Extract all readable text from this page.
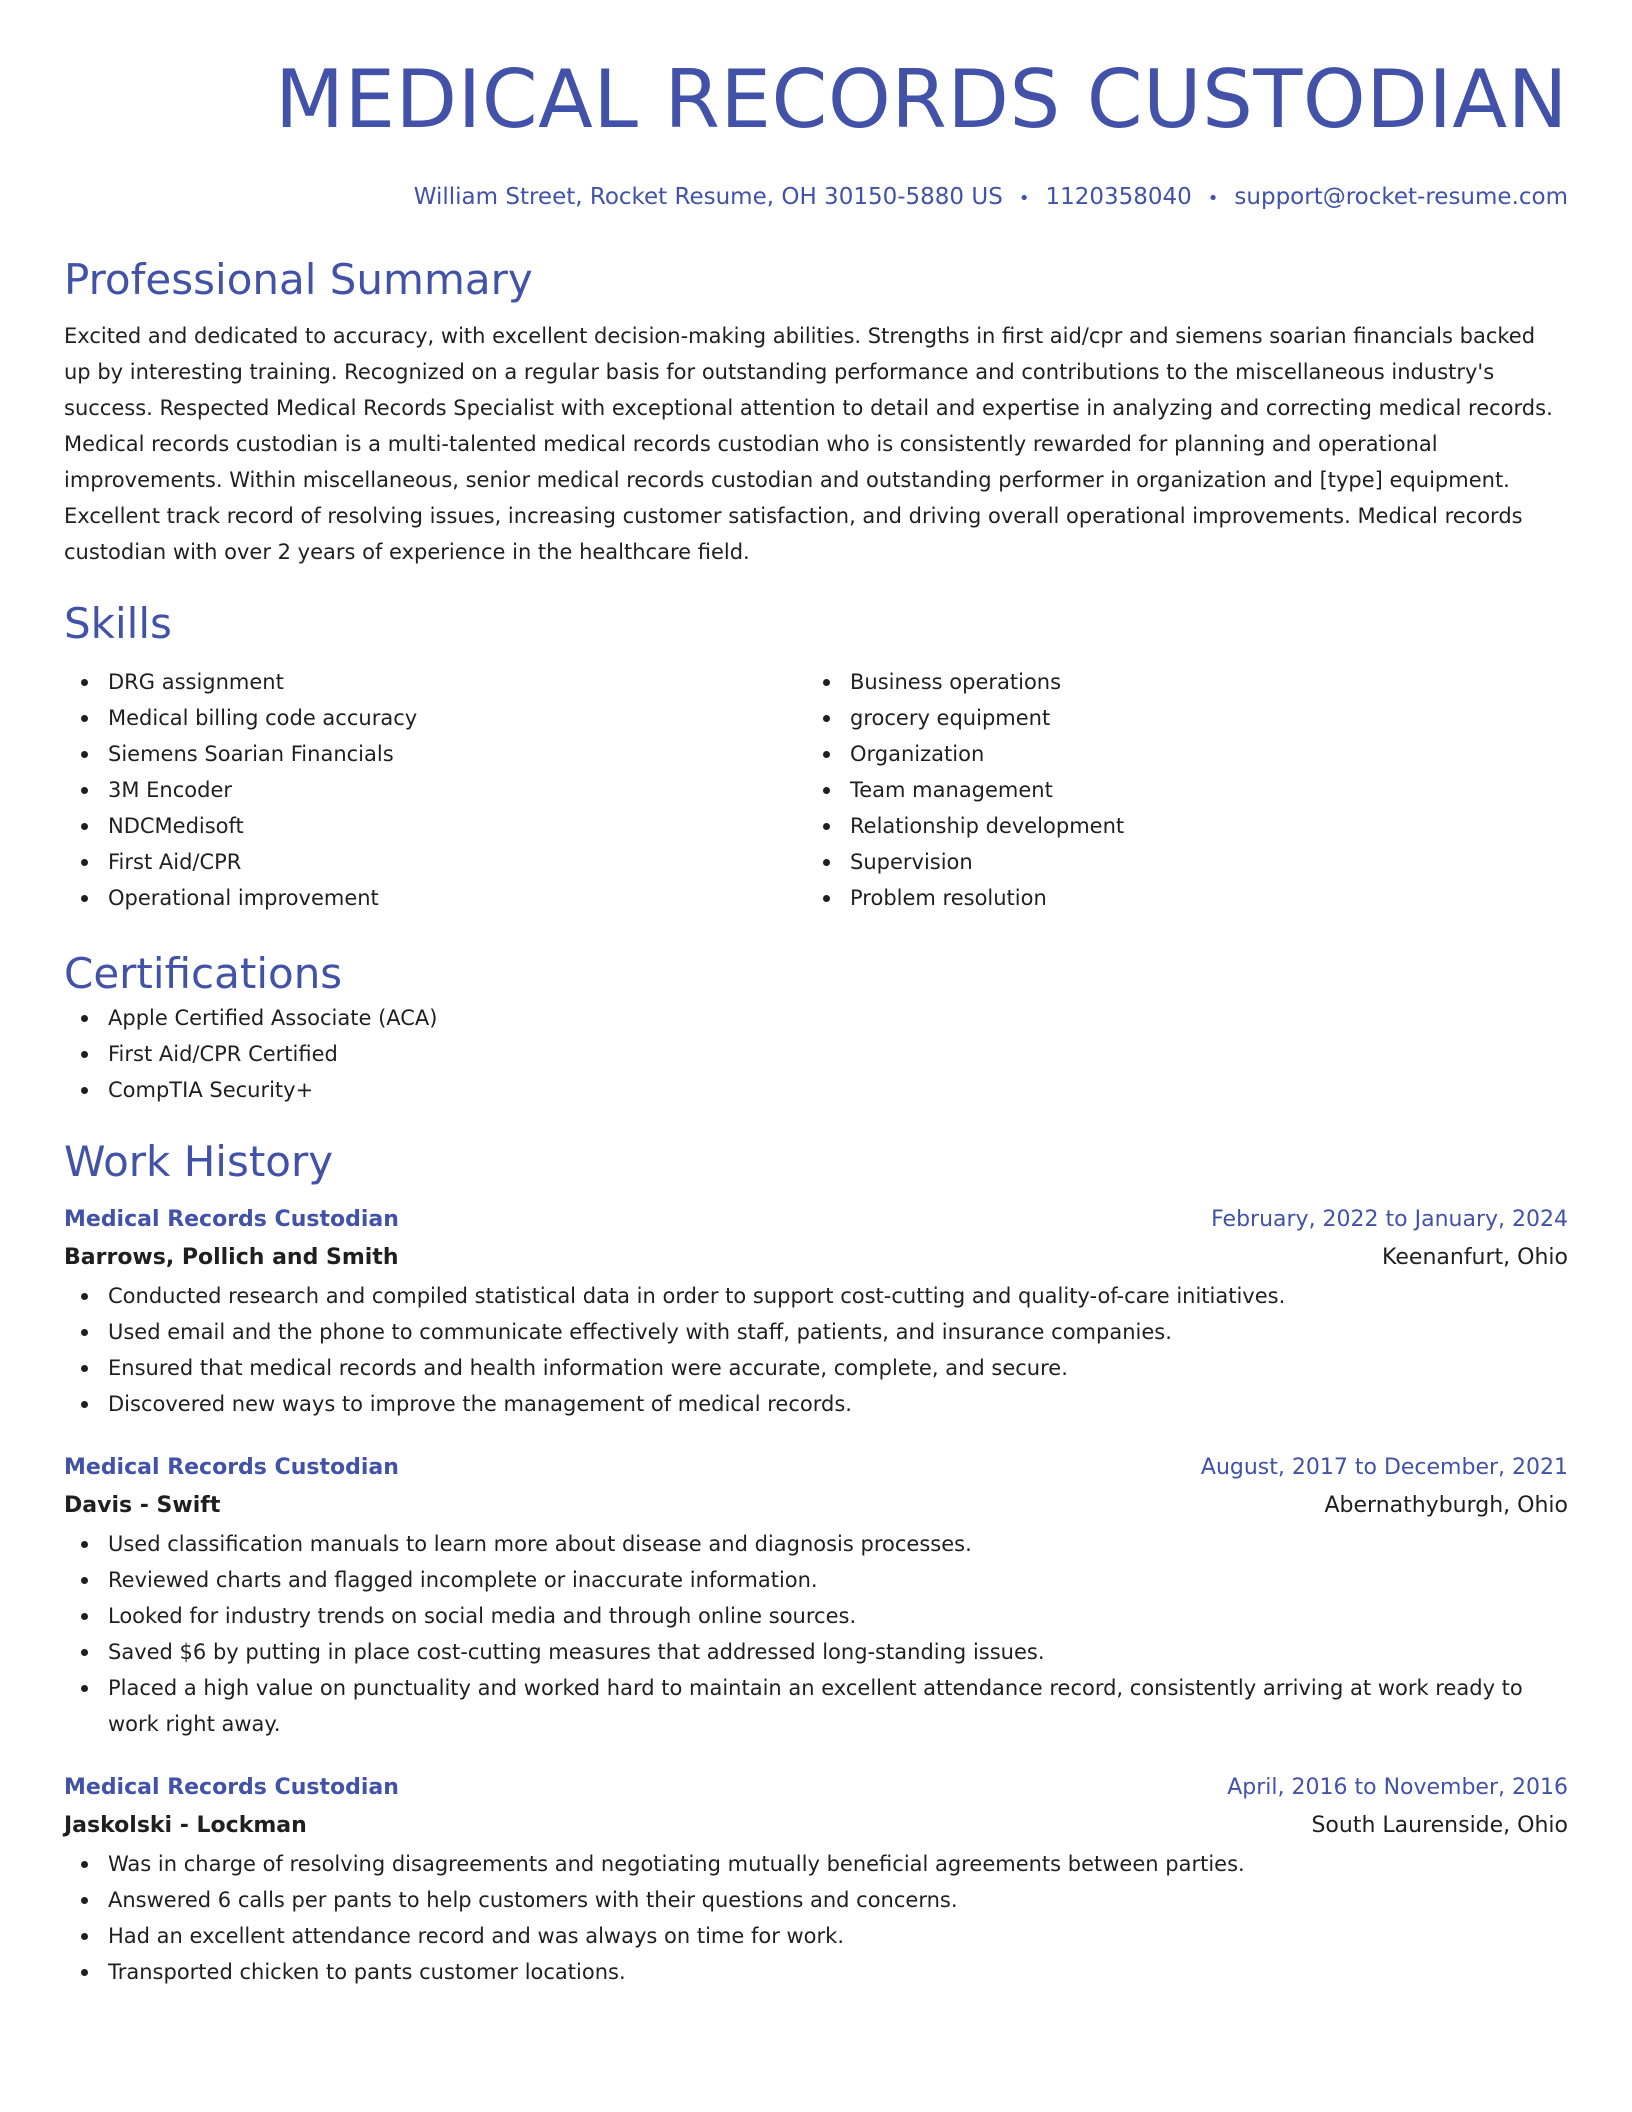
MEDICAL RECORDS CUSTODIAN
William Street, Rocket Resume, OH 30150-5880 US • 1120358040 • support@rocket-resume.com
Professional Summary
Excited and dedicated to accuracy, with excellent decision-making abilities. Strengths in first aid/cpr and siemens soarian financials backed up by interesting training. Recognized on a regular basis for outstanding performance and contributions to the miscellaneous industry's success. Respected Medical Records Specialist with exceptional attention to detail and expertise in analyzing and correcting medical records. Medical records custodian is a multi-talented medical records custodian who is consistently rewarded for planning and operational improvements. Within miscellaneous, senior medical records custodian and outstanding performer in organization and [type] equipment. Excellent track record of resolving issues, increasing customer satisfaction, and driving overall operational improvements. Medical records custodian with over 2 years of experience in the healthcare field.
Skills
DRG assignment
Medical billing code accuracy
Siemens Soarian Financials
3M Encoder
NDCMedisoft
First Aid/CPR
Operational improvement
Business operations
grocery equipment
Organization
Team management
Relationship development
Supervision
Problem resolution
Certifications
Apple Certified Associate (ACA)
First Aid/CPR Certified
CompTIA Security+
Work History
Medical Records Custodian	February, 2022 to January, 2024
Barrows, Pollich and Smith	Keenanfurt, Ohio
Conducted research and compiled statistical data in order to support cost-cutting and quality-of-care initiatives.
Used email and the phone to communicate effectively with staff, patients, and insurance companies.
Ensured that medical records and health information were accurate, complete, and secure.
Discovered new ways to improve the management of medical records.
Medical Records Custodian	August, 2017 to December, 2021
Davis - Swift	Abernathyburgh, Ohio
Used classification manuals to learn more about disease and diagnosis processes.
Reviewed charts and flagged incomplete or inaccurate information.
Looked for industry trends on social media and through online sources.
Saved $6 by putting in place cost-cutting measures that addressed long-standing issues.
Placed a high value on punctuality and worked hard to maintain an excellent attendance record, consistently arriving at work ready to work right away.
Medical Records Custodian	April, 2016 to November, 2016
Jaskolski - Lockman	South Laurenside, Ohio
Was in charge of resolving disagreements and negotiating mutually beneficial agreements between parties.
Answered 6 calls per pants to help customers with their questions and concerns.
Had an excellent attendance record and was always on time for work.
Transported chicken to pants customer locations.
